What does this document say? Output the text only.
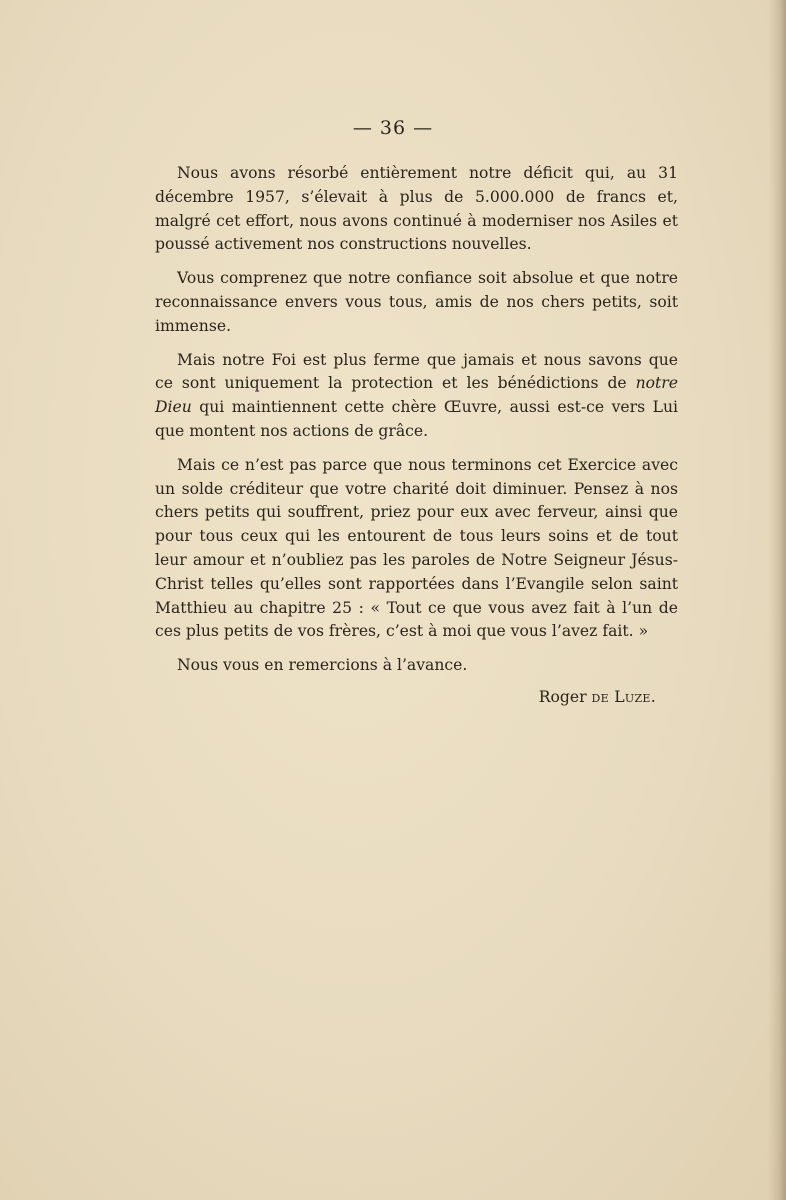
— 36 —

Nous avons résorbé entièrement notre déficit qui, au 31 décembre 1957, s’élevait à plus de 5.000.000 de francs et, malgré cet effort, nous avons continué à moderniser nos Asiles et poussé activement nos constructions nouvelles.

Vous comprenez que notre confiance soit absolue et que notre reconnaissance envers vous tous, amis de nos chers petits, soit immense.

Mais notre Foi est plus ferme que jamais et nous savons que ce sont uniquement la protection et les bénédictions de notre Dieu qui maintiennent cette chère Œuvre, aussi est-ce vers Lui que montent nos actions de grâce.

Mais ce n’est pas parce que nous terminons cet Exercice avec un solde créditeur que votre charité doit diminuer. Pensez à nos chers petits qui souffrent, priez pour eux avec ferveur, ainsi que pour tous ceux qui les entourent de tous leurs soins et de tout leur amour et n’oubliez pas les paroles de Notre Seigneur Jésus-Christ telles qu’elles sont rapportées dans l’Evangile selon saint Matthieu au chapitre 25 : « Tout ce que vous avez fait à l’un de ces plus petits de vos frères, c’est à moi que vous l’avez fait. »

Nous vous en remercions à l’avance.

Roger de Luze.
